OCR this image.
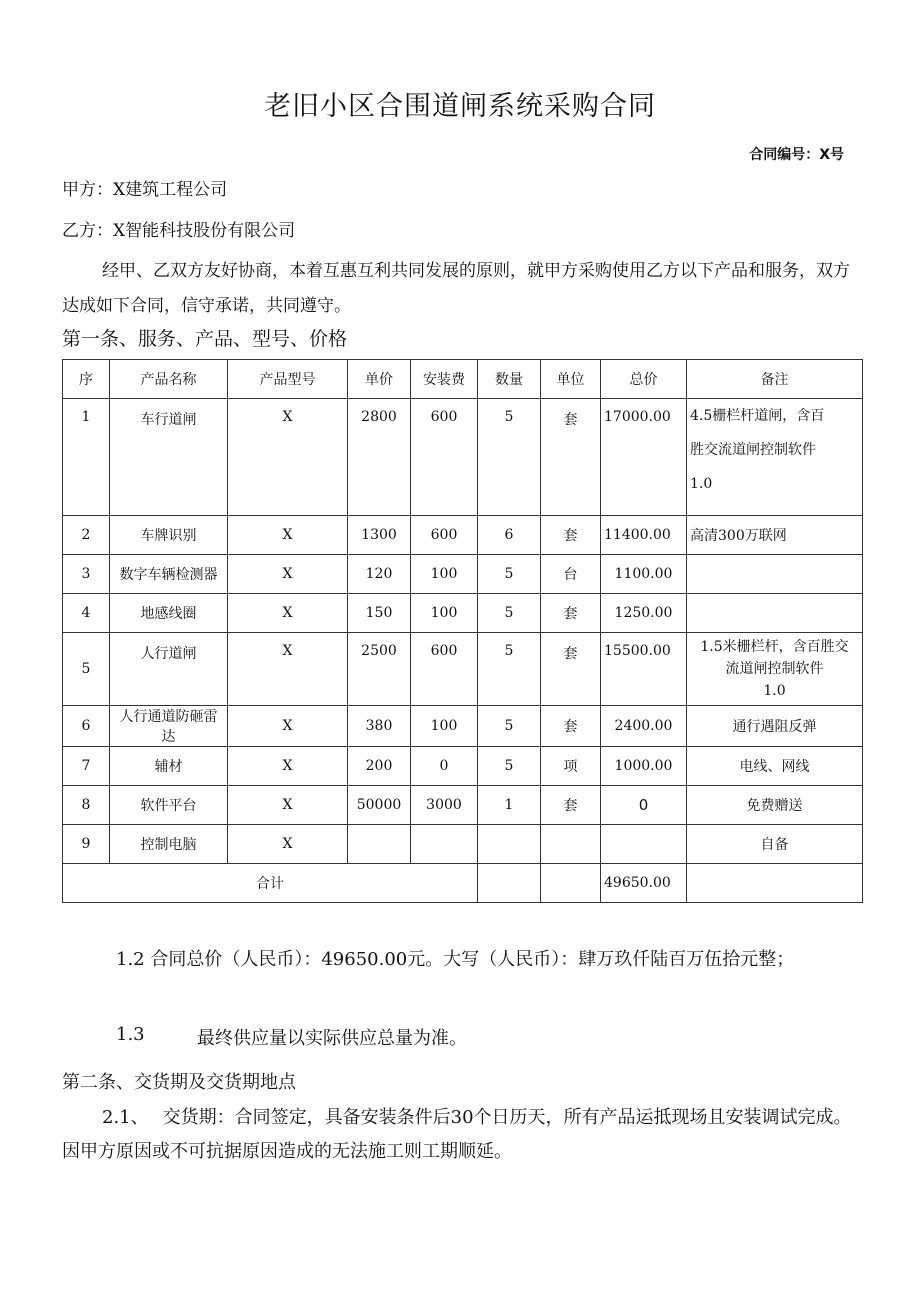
老旧小区合围道闸系统采购合同
合同编号：X号
甲方：X建筑工程公司
乙方：X智能科技股份有限公司
经甲、乙双方友好协商，本着互惠互利共同发展的原则，就甲方采购使用乙方以下产品和服务，双方达成如下合同，信守承诺，共同遵守。
第一条、服务、产品、型号、价格
序	产品名称	产品型号	单价	安装费	数量	单位	总价	备注
1	车行道闸	X	2800	600	5	套	17000.00	4.5栅栏杆道闸，含百
胜交流道闸控制软件
1.0

2	车牌识别	X	1300	600	6	套	11400.00	高清300万联网
3	数字车辆检测器	X	120	100	5	台	1100.00	
4	地感线圈	X	150	100	5	套	1250.00	
5	人行道闸	X	2500	600	5	套	15500.00	1.5米栅栏杆，含百胜交
流道闸控制软件
1.0

6	人行通道防砸雷达	X	380	100	5	套	2400.00	通行遇阻反弹
7	辅材	X	200	0	5	项	1000.00	电线、网线
8	软件平台	X	50000	3000	1	套	0	免费赠送
9	控制电脑	X						自备
合计							49650.00	
1.2 合同总价（人民币）：49650.00元。大写（人民币）：肆万玖仟陆百万伍拾元整；
1.3	最终供应量以实际供应总量为准。
第二条、交货期及交货期地点
2.1、 交货期：合同签定，具备安装条件后30个日历天，所有产品运抵现场且安装调试完成。因甲方原因或不可抗据原因造成的无法施工则工期顺延。
